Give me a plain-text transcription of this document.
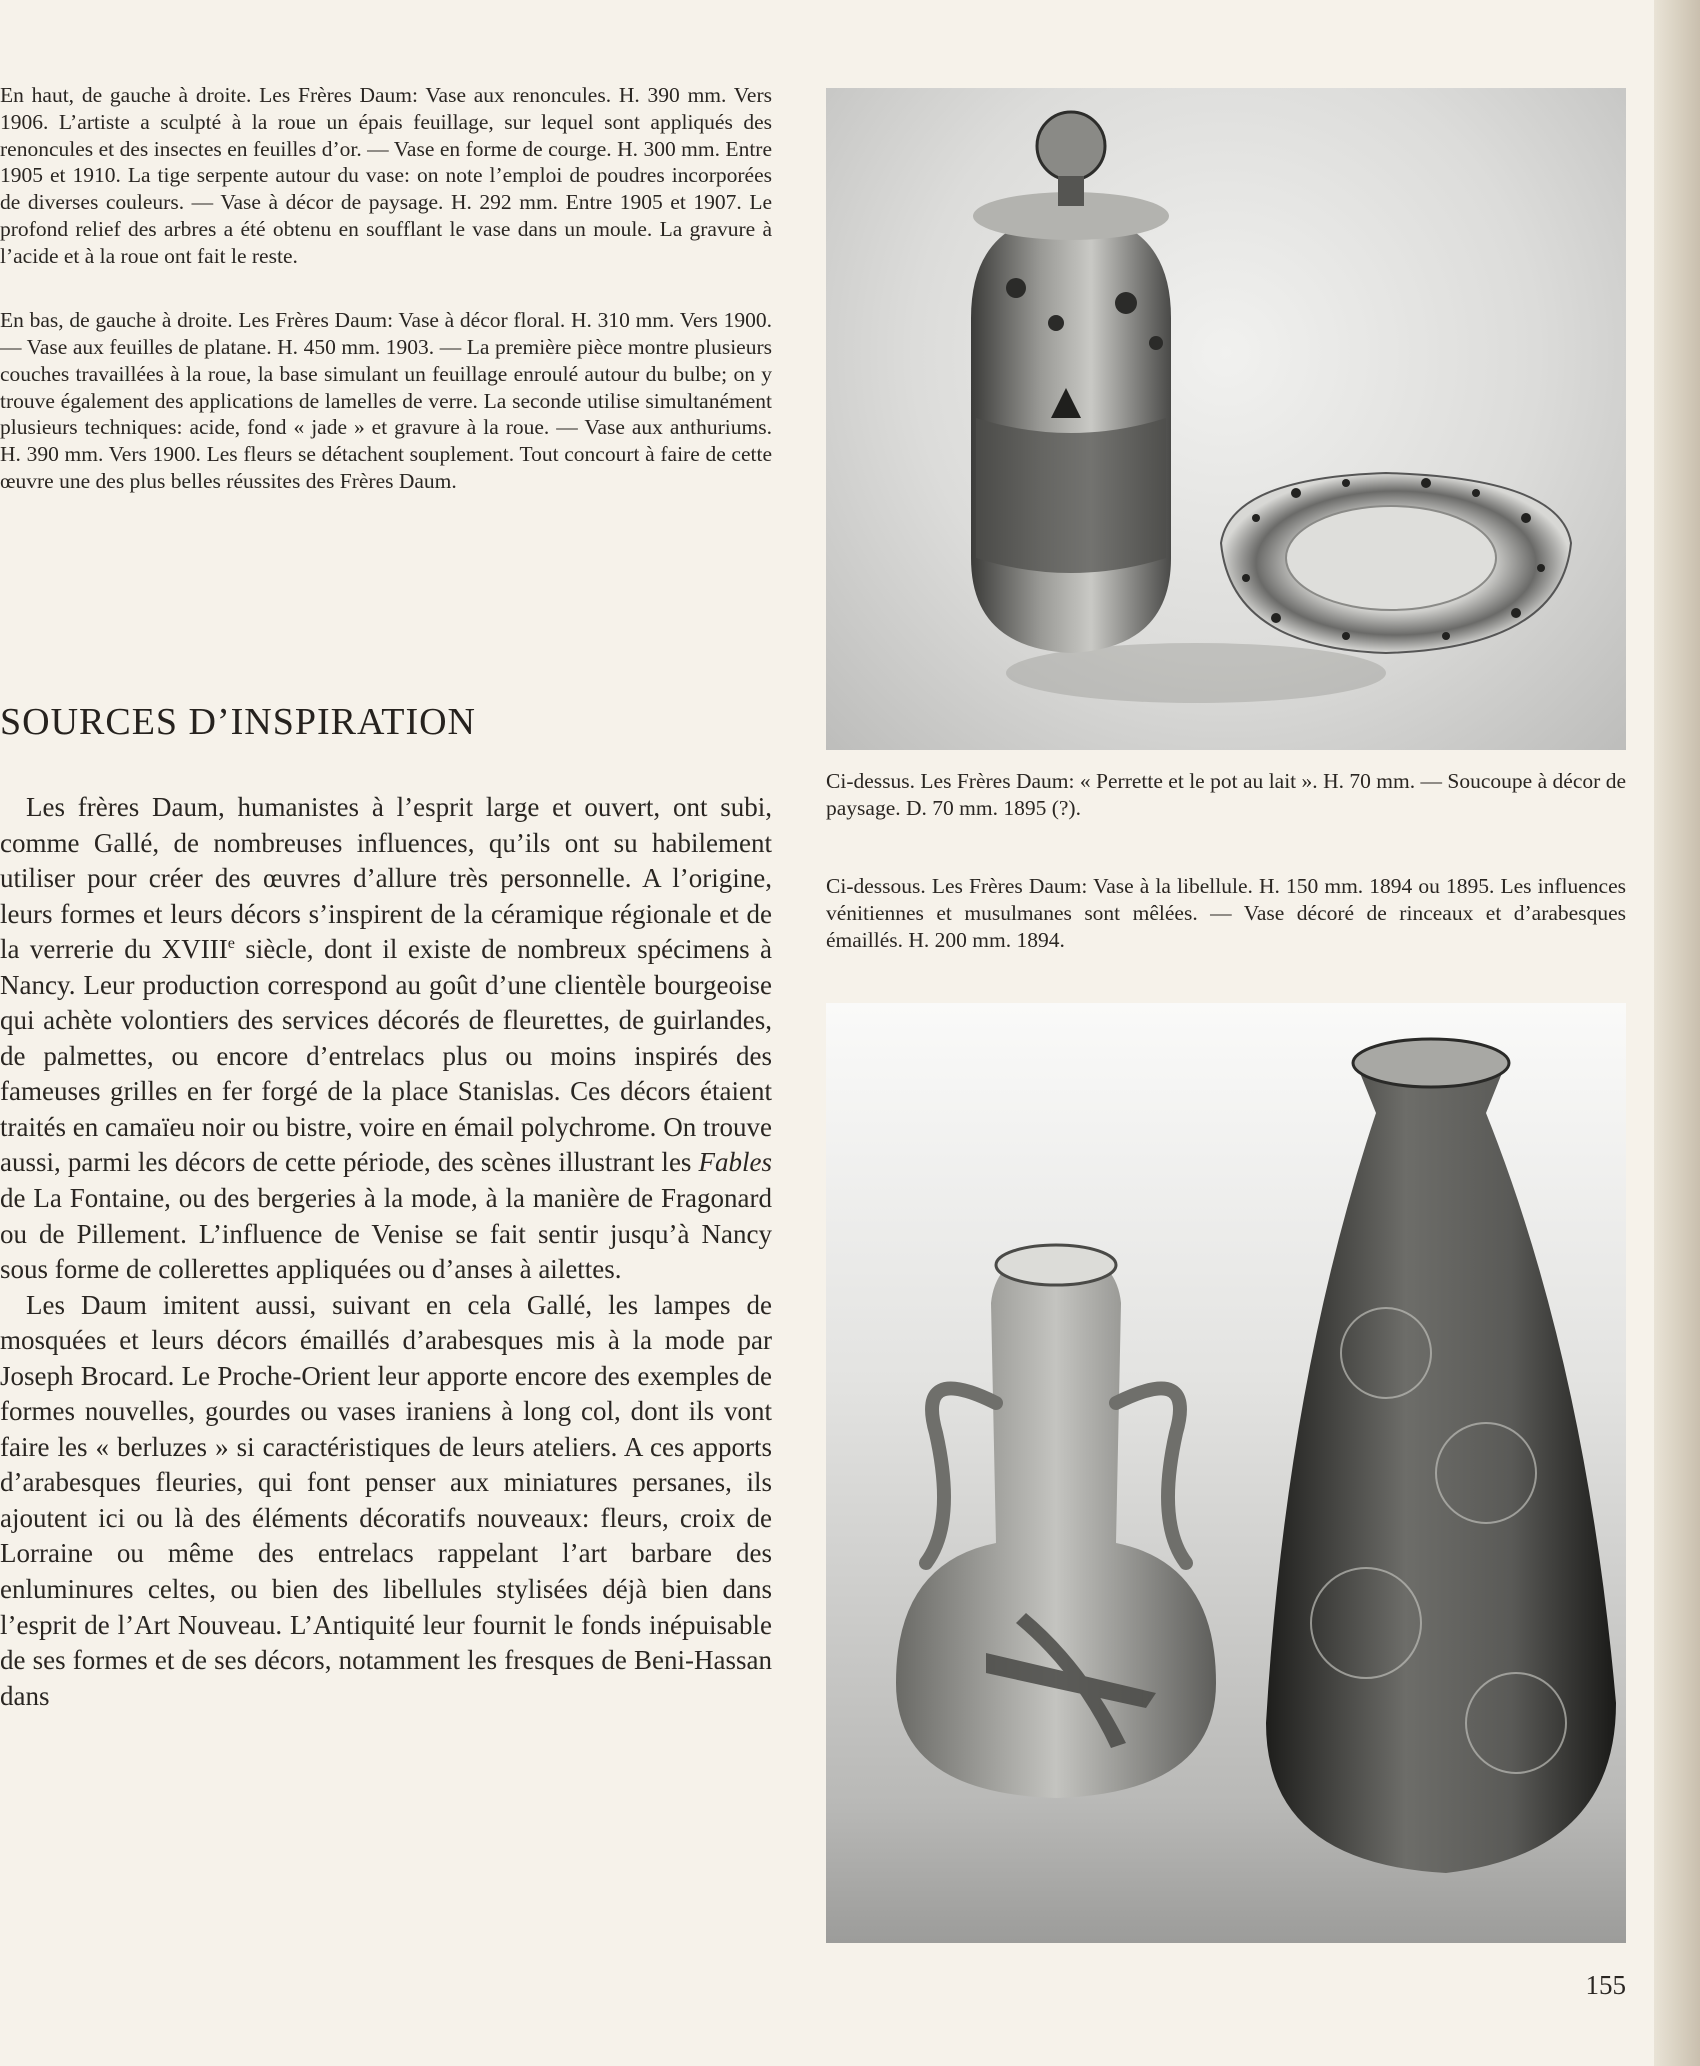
En haut, de gauche à droite. Les Frères Daum: Vase aux renoncules. H. 390 mm. Vers 1906. L’artiste a sculpté à la roue un épais feuillage, sur lequel sont appliqués des renoncules et des insectes en feuilles d’or. — Vase en forme de courge. H. 300 mm. Entre 1905 et 1910. La tige serpente autour du vase: on note l’emploi de poudres incorporées de diverses couleurs. — Vase à décor de paysage. H. 292 mm. Entre 1905 et 1907. Le profond relief des arbres a été obtenu en soufflant le vase dans un moule. La gravure à l’acide et à la roue ont fait le reste.

En bas, de gauche à droite. Les Frères Daum: Vase à décor floral. H. 310 mm. Vers 1900. — Vase aux feuilles de platane. H. 450 mm. 1903. — La première pièce montre plusieurs couches travaillées à la roue, la base simulant un feuillage enroulé autour du bulbe; on y trouve également des applications de lamelles de verre. La seconde utilise simultanément plusieurs techniques: acide, fond « jade » et gravure à la roue. — Vase aux anthuriums. H. 390 mm. Vers 1900. Les fleurs se détachent souplement. Tout concourt à faire de cette œuvre une des plus belles réussites des Frères Daum.

SOURCES D’INSPIRATION

Les frères Daum, humanistes à l’esprit large et ouvert, ont subi, comme Gallé, de nombreuses influences, qu’ils ont su habilement utiliser pour créer des œuvres d’allure très personnelle. A l’origine, leurs formes et leurs décors s’inspirent de la céramique régionale et de la verrerie du XVIIIe siècle, dont il existe de nombreux spécimens à Nancy. Leur production correspond au goût d’une clientèle bourgeoise qui achète volontiers des services décorés de fleurettes, de guirlandes, de palmettes, ou encore d’entrelacs plus ou moins inspirés des fameuses grilles en fer forgé de la place Stanislas. Ces décors étaient traités en camaïeu noir ou bistre, voire en émail polychrome. On trouve aussi, parmi les décors de cette période, des scènes illustrant les Fables de La Fontaine, ou des bergeries à la mode, à la manière de Fragonard ou de Pillement. L’influence de Venise se fait sentir jusqu’à Nancy sous forme de collerettes appliquées ou d’anses à ailettes.

Les Daum imitent aussi, suivant en cela Gallé, les lampes de mosquées et leurs décors émaillés d’arabesques mis à la mode par Joseph Brocard. Le Proche-Orient leur apporte encore des exemples de formes nouvelles, gourdes ou vases iraniens à long col, dont ils vont faire les « berluzes » si caractéristiques de leurs ateliers. A ces apports d’arabesques fleuries, qui font penser aux miniatures persanes, ils ajoutent ici ou là des éléments décoratifs nouveaux: fleurs, croix de Lorraine ou même des entrelacs rappelant l’art barbare des enluminures celtes, ou bien des libellules stylisées déjà bien dans l’esprit de l’Art Nouveau. L’Antiquité leur fournit le fonds inépuisable de ses formes et de ses décors, notamment les fresques de Beni-Hassan dans

Ci-dessus. Les Frères Daum: « Perrette et le pot au lait ». H. 70 mm. — Soucoupe à décor de paysage. D. 70 mm. 1895 (?).

Ci-dessous. Les Frères Daum: Vase à la libellule. H. 150 mm. 1894 ou 1895. Les influences vénitiennes et musulmanes sont mêlées. — Vase décoré de rinceaux et d’arabesques émaillés. H. 200 mm. 1894.

155
